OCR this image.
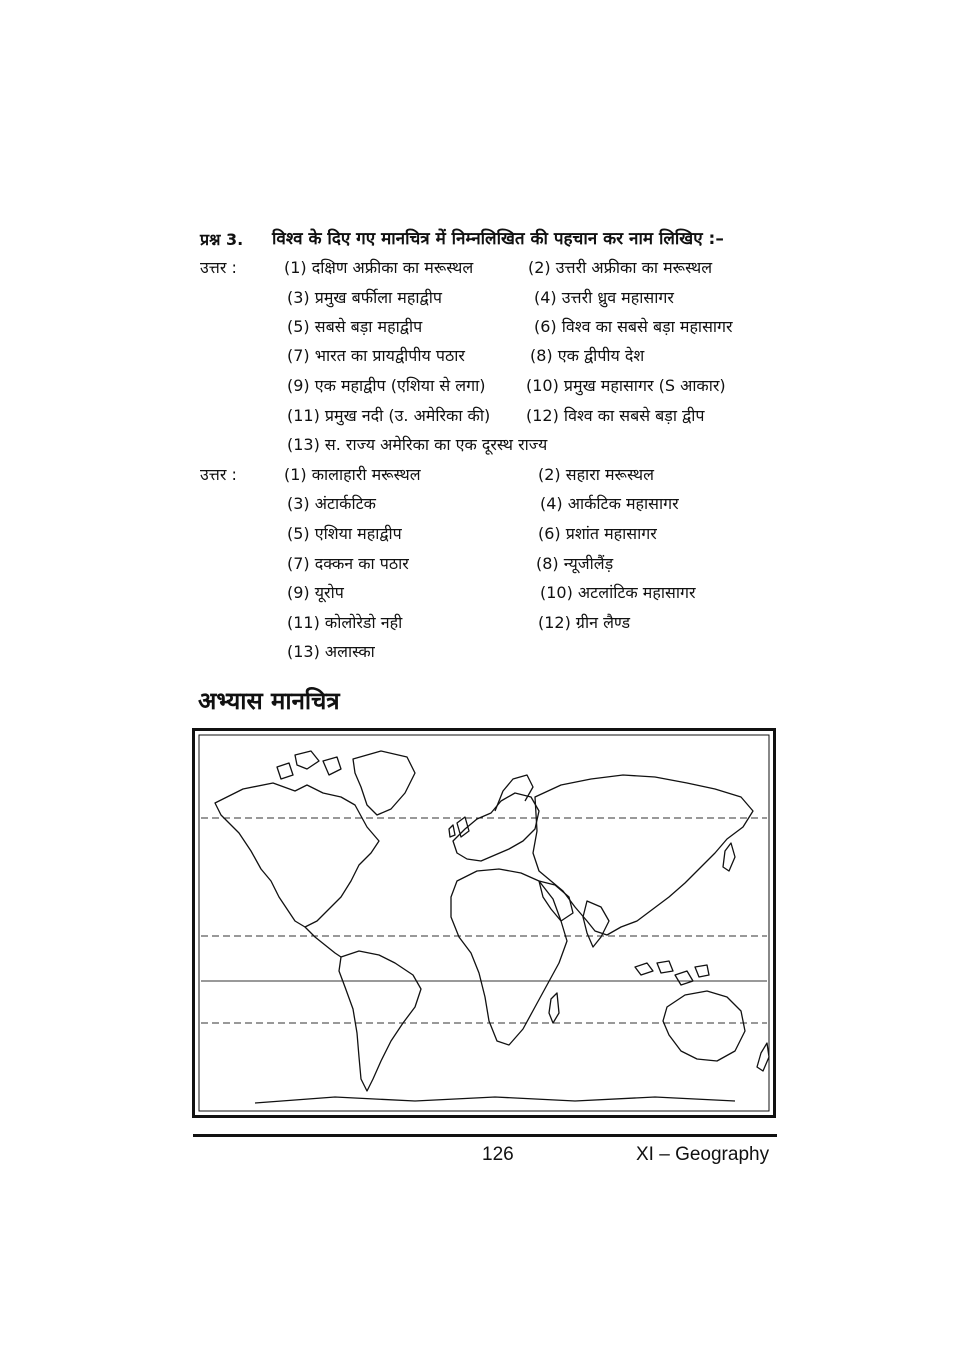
प्रश्न 3. विश्व के दिए गए मानचित्र में निम्नलिखित की पहचान कर नाम लिखिए :–
उत्तर :	(1) दक्षिण अफ्रीका का मरूस्थल	(2) उत्तरी अफ्रीका का मरूस्थल
(3) प्रमुख बर्फीला महाद्वीप	(4) उत्तरी ध्रुव महासागर
(5) सबसे बड़ा महाद्वीप	(6) विश्व का सबसे बड़ा महासागर
(7) भारत का प्रायद्वीपीय पठार	(8) एक द्वीपीय देश
(9) एक महाद्वीप (एशिया से लगा)	(10) प्रमुख महासागर (S आकार)
(11) प्रमुख नदी (उ. अमेरिका की) (12) विश्व का सबसे बड़ा द्वीप
(13) स. राज्य अमेरिका का एक दूरस्थ राज्य
उत्तर :	(1) कालाहारी मरूस्थल	(2) सहारा मरूस्थल
(3) अंटार्कटिक	(4) आर्कटिक महासागर
(5) एशिया महाद्वीप	(6) प्रशांत महासागर
(7) दक्कन का पठार	(8) न्यूजीलैंड़
(9) यूरोप	(10) अटलांटिक महासागर
(11) कोलोरेडो नही	(12) ग्रीन लैण्ड
(13) अलास्का
अभ्यास मानचित्र
126	XI – Geography
